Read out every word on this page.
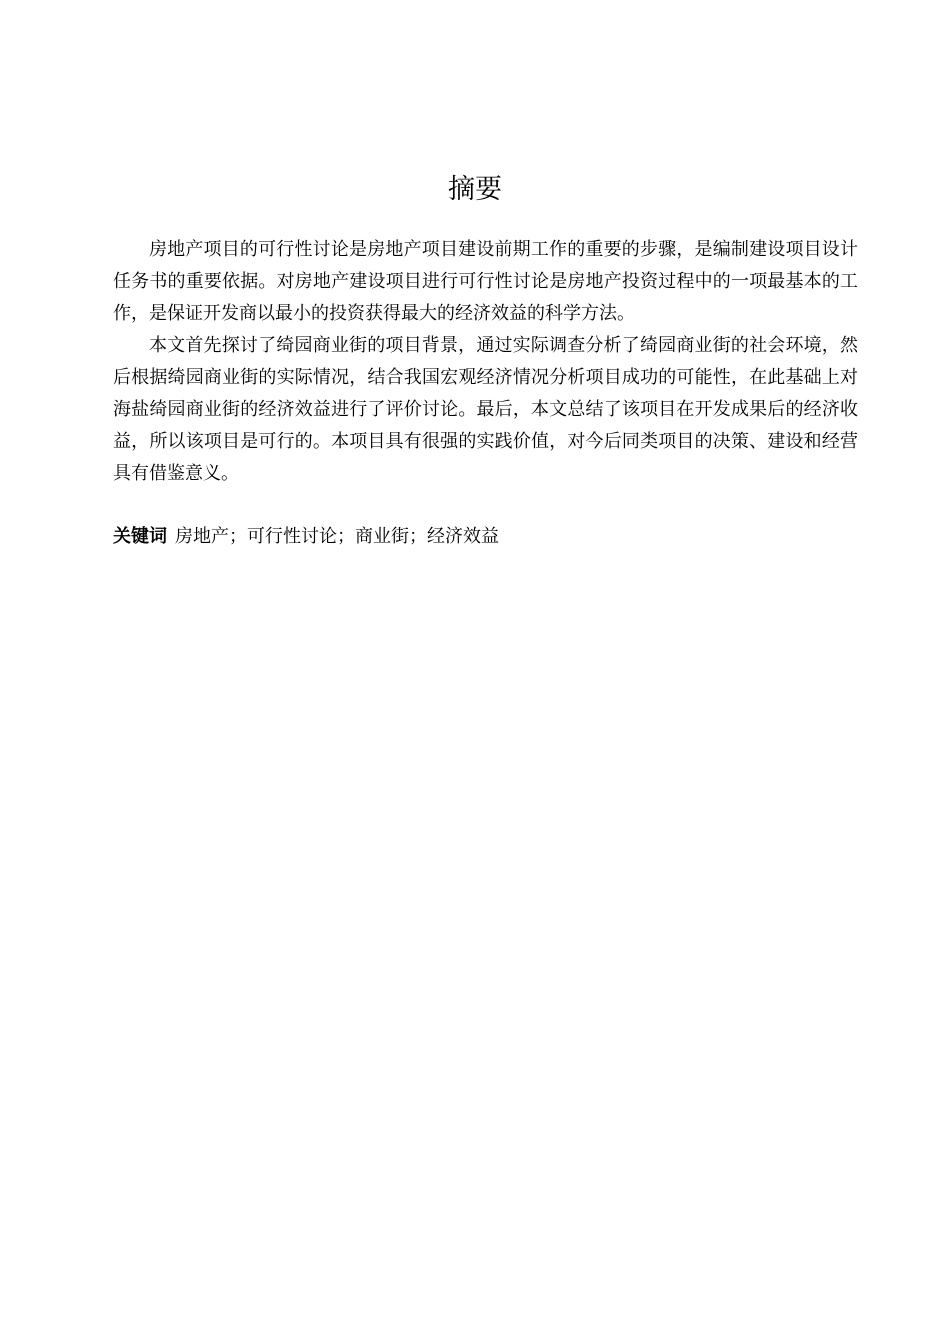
摘要

房地产项目的可行性讨论是房地产项目建设前期工作的重要的步骤，是编制建设项目设计任务书的重要依据。对房地产建设项目进行可行性讨论是房地产投资过程中的一项最基本的工作，是保证开发商以最小的投资获得最大的经济效益的科学方法。

本文首先探讨了绮园商业街的项目背景，通过实际调查分析了绮园商业街的社会环境，然后根据绮园商业街的实际情况，结合我国宏观经济情况分析项目成功的可能性，在此基础上对海盐绮园商业街的经济效益进行了评价讨论。最后，本文总结了该项目在开发成果后的经济收益，所以该项目是可行的。本项目具有很强的实践价值，对今后同类项目的决策、建设和经营具有借鉴意义。

关键词 房地产；可行性讨论；商业街；经济效益
